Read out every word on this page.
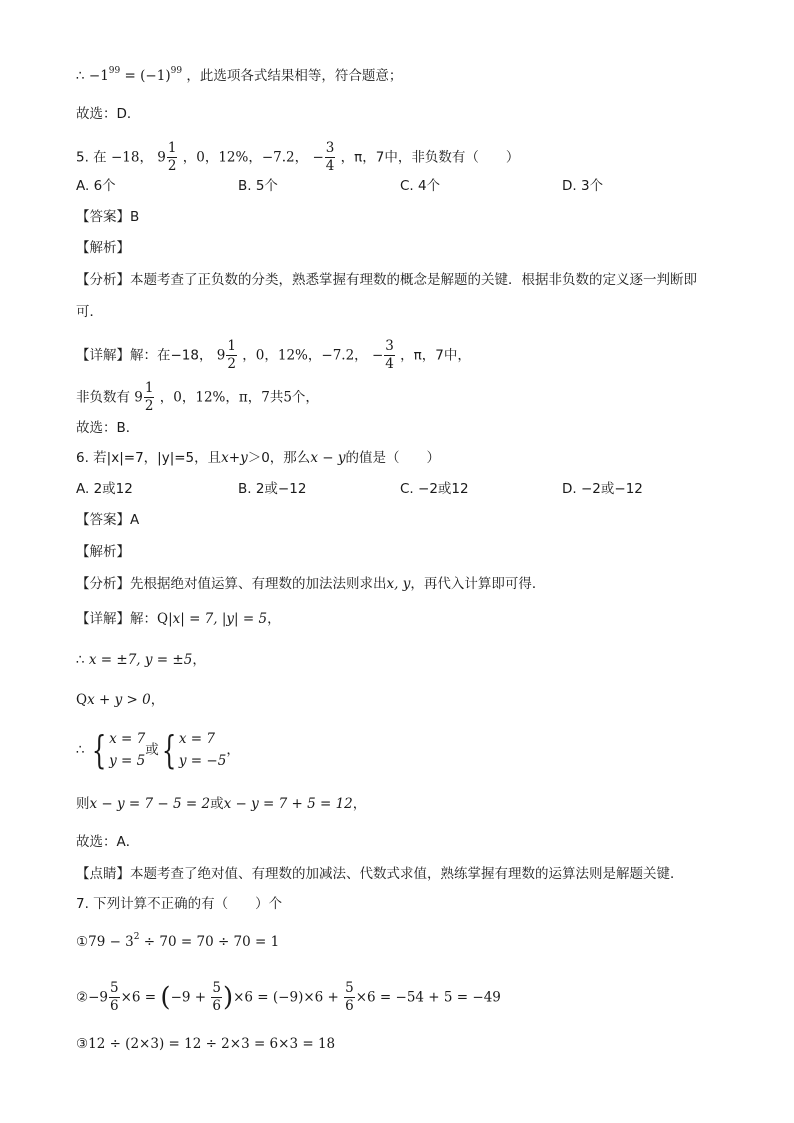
∴ $-1^{99} = (-1)^{99}$ ，此选项各式结果相等，符合题意；
故选：D．
5. 在 −18， $9 \frac{1}{2}$ ，0，12%，−7.2， − $\frac{3}{4}$ ，π，7中，非负数有（　　）
A. 6个	B. 5个	C. 4个	D. 3个
【答案】B
【解析】
【分析】本题考查了正负数的分类，熟悉掌握有理数的概念是解题的关键．根据非负数的定义逐一判断即
可．
【详解】解：在−18， $9 \frac{1}{2}$ ，0，12%，−7.2， − $\frac{3}{4}$ ，π，7中，
非负数有 $9 \frac{1}{2}$ ，0，12%，π，7共5个，
故选：B．
6. 若|x|=7，|y|=5，且x+y＞0，那么x − y的值是（　　）
A. 2或12	B. 2或−12	C. −2或12	D. −2或−12
【答案】A
【解析】
【分析】先根据绝对值运算、有理数的加法法则求出x, y，再代入计算即可得．
【详解】解：Q|x| = 7, |y| = 5，
∴ x = ±7, y = ±5，
Qx + y > 0，
∴ { x = 7
y = 5
或{ x = 7
y = −5
，
则x − y = 7 − 5 = 2或x − y = 7 + 5 = 12，
故选：A．
【点睛】本题考查了绝对值、有理数的加减法、代数式求值，熟练掌握有理数的运算法则是解题关键．
7. 下列计算不正确的有（　　）个
①79 − $3^2 \div 70 = 70 \div 70 = 1$
②−9 $\frac{5}{6} \times 6 = (-9 + \frac{5}{6} )\times 6 = (-9)\times 6 + \frac{5}{6} \times 6 = -54 + 5 = -49$
③12 ÷ (2×3) = 12 ÷ 2×3 = 6×3 = 18
